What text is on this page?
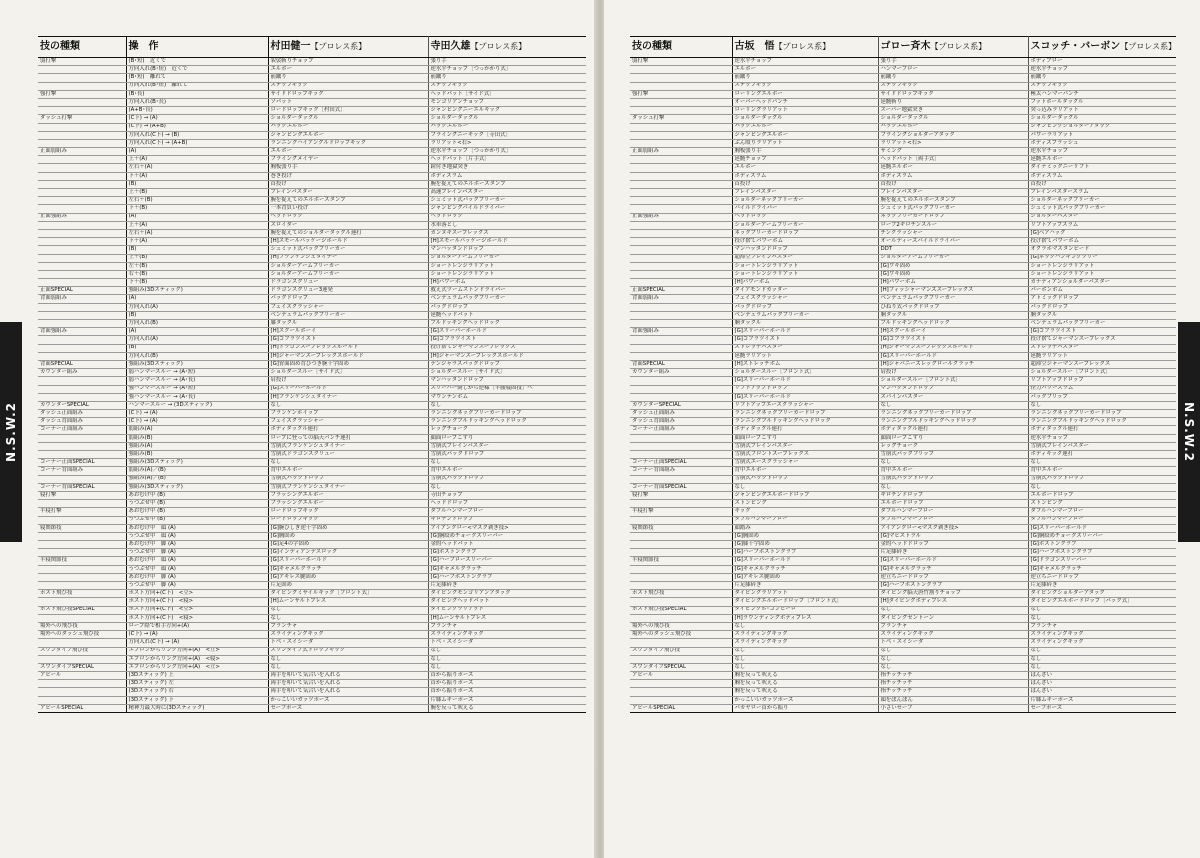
N.S.W.2
技の種類	操　作	村田健一【プロレス系】	寺田久雄【プロレス系】
弱打撃	(B･短)　近くで	袈裟斬りチョップ	張り手
	方向入れ(B･短)　近くで	エルボー	逆水平チョップ［つっかかり式］
	(B･短)　離れて	前蹴り	前蹴り
	方向入れ(B･短)　離れて	ステップキック	ステップキック
強打撃	(B･長)	サイドドロップキック	ヘッドバット［サイド式］
	方向入れ(B･長)	ソバット	モンゴリアンチョップ
	(A+B･長)	ロードロップキック［村田式］	ジャンピングニーエルキック
ダッシュ打撃	(C下) → (A)	ショルダータックル	ショルダータックル
	(C下) → (A+B)	バックエルボー	バックエルボー
	方向入れ(C下) → (B)	ジャンピングエルボー	フライングニーキック［寺田式］
	方向入れ(C下) → (A+B)	ランニングハイアングルドロップキック	ラリアット<右>
正面弱組み	(A)	エルボー	逆水平チョップ［つっかかり式］
	上＋(A)	フライングメイヤー	ヘッドバット［片手式］
	左右＋(A)	胸板張り手	鎧付き地獄突き
	下＋(A)	巻き投げ	ボディスラム
	(B)	首投げ	腕を捉えてのエルボースタンプ
	上＋(B)	ブレインバスター	高速ブレインバスター
	左右＋(B)	腕を捉えてのエルボースタンプ	シュミット式バックブリーカー
	下＋(B)	一本背負い投げ	ジャンピングパイルドライバー
正面強組み	(A)	ヘッドロック	ヘッドロック
	上＋(A)	スロイダー	水車落とし
	左右＋(A)	腕を捉えてのショルダータックル連打	カンヌキスープレックス
	下＋(A)	[H]スモールパッケージホールド	[H]スモールパッケージホールド
	(B)	シュミット式バックブリーカー	マンハッタンドロップ
	上＋(B)	[H]フランケンシュタイナー	ショルダーアームブリーカー
	左＋(B)	ショルダーアームブリーカー	ショートレンジラリアット
	右＋(B)	ショルダーアームブリーカー	ショートレンジラリアット
	下＋(B)	ドラゴンスクリュー	[H]パワーボム
正面SPECIAL	強組み(3Dスティック)	ドラゴンスクリュー3連発	救え式ツームストンドライバー
背面弱組み	(A)	バックドロップ	ベンデュラムバックブリーカー
	方向入れ(A)	フェイスクラッシャー	バックドロップ
	(B)	ベンデュラムバックブリーカー	延髄ヘッドバット
	方向入れ(B)	膝タックル	ブルドッキングヘッドロック
背面強組み	(A)	[H]スクールボーイ	[G]スリーパーホールド
	方向入れ(A)	[G]コブラツイスト	[G]コブラツイスト
	(B)	[H]ドラゴンスープレックスホールド	投げ捨てジャーマンスープレックス
	方向入れ(B)	[H]ジャーマンスープレックスホールド	[H]ジャーマンスープレックスホールド
背面SPECIAL	強組み(3Dスティック)	[G]胃面固め背ひつき腕十字固め	デンジャラスバックドロップ
カウンター組み	弱ハンマースルー → (A･短)	ショルダースルー［サイド式］	ショルダースルー［サイド式］
	弱ハンマースルー → (A･長)	肩投げ	マンハッタンドロップ
	強ハンマースルー → (A･短)	[G]スリーパーホールド	スリーパー倒しから逆様［半腰寝固技］へ
	強ハンマースルー → (A･長)	[H]フランケンシュタイナー	マウンテンボム
カウンターSPECIAL	ハンマースルー → (3Dスティック)	なし	なし
ダッシュ正面組み	(C下) → (A)	フランケンホイップ	ランニングネックブリーカードロップ
ダッシュ背面組み	(C下) → (A)	フェイスクラッシャー	ランニングブルドッキングヘッドロック
コーナー正面組み	弱組み(A)	ボディタックル連打	レッグチョーク
	弱組み(B)	ロープに登っての脳天パンチ連打	顔面ロープこすり
	強組み(A)	雪崩式フランケンシュタイナー	雪崩式ブレインバスター
	強組み(B)	雪崩式ドラゴンスクリュー	雪崩式バックドロップ
コーナー正面SPECIAL	強組み(3Dスティック)	なし	なし
コーナー背面組み	弱組み(A)／(B)	背中エルボー	背中エルボー
	強組み(A)／(B)	雪崩式バックドロップ	雪崩式バックドロップ
コーナー背面SPECIAL	強組み(3Dスティック)	雪崩式フランケンシュタイナー	なし
寝打撃	あおむけ中 (B)	フラッシングエルボー	寺田チョップ
	うつぶせ中 (B)	フラッシングエルボー	ヘッドドロップ
半寝打撃	あおむけ中 (B)	ロードロップキック	ダブルハンマーブロー
	うつぶせ中 (B)	ロードロップキック	ギロチンドロップ
寝関節技	あおむけ中　頭 (A)	[G]腕ひしぎ逆十字固め	アイアンクロー<マスク剥ぎ技>
	うつぶせ中　頭 (A)	[G]胸固め	[G]胴絞めチョークスリーパー
	あおむけ中　脚 (A)	[G]足4の字固め	金的ヘッドバット
	うつぶせ中　脚 (A)	[G]インディアンデスロック	[G]ボストンクラブ
半寝関節技	あおむけ中　頭 (A)	[G]スリーパーホールド	[G]ハーフロースリーパー
	うつぶせ中　頭 (A)	[G]キャメルクラッチ	[G]キャメルクラッチ
	あおむけ中　脚 (A)	[G]アキレス腱固め	[G]ハーフボストンクラブ
	うつぶせ中　脚 (A)	片足固め	片足膝砕き
ポスト飛び技	ポスト方向+(C下)　<立>	ダイビングミサイルキック［フロント式］	ダイビングモンゴリアンアタック
	ポスト方向+(C下)　<寝>	[H]ムーンサルトプレス	ダイビングヘッドバット
ポスト飛び技SPECIAL	ポスト方向+(C下)　<立>	なし	ダイビングラリアット
	ポスト方向+(C下)　<寝>	なし	[H]ムーンサルトプレス
場外への飛び技	ロープ際で相手方向+(A)	プランチャ	プランチャ
場外へのダッシュ飛び技	(C下) → (A)	スライディングキック	スライディングキック
	方向入れ(C下) → (A)	トペ・スイシーダ	トペ・スイシーダ
スワンダイブ飛び技	エプロンからリング方向+(A)　<立>	スワンダイブ式ドロップキック	なし
	エプロンからリング方向+(A)　<寝>	なし	なし
スワンダイブSPECIAL	エプロンからリング方向+(A)　<立>	なし	なし
アピール	(3Dスティック) 上	両手を叩いて気合いを入れる	首から振りポーズ
	(3Dスティック) 左	両手を叩いて気合いを入れる	首から振りポーズ
	(3Dスティック) 右	両手を叩いて気合いを入れる	首から振りポーズ
	(3Dスティック) 下	かっこいいガッツポーズ	片膝ムキーポーズ
アピールSPECIAL	精神力最大時に(3Dスティック)	セーフポーズ	腕を反って吠える
N.S.W.2
技の種類	古坂　悟【プロレス系】	ゴロー斉木【プロレス系】	スコッチ・バーボン【プロレス系】
弱打撃	逆水平チョップ	張り手	ボディブロー
	エルボー	ハンマーブロー	逆水平チョップ
	前蹴り	前蹴り	前蹴り
	ステップキック	ステップキック	ステップキック
強打撃	ローリングエルボー	サイドドロップキック	極太ハンマーパンチ
	オーバーヘッドパンチ	延髄斬り	フットボールタックル
	ローリングラリアット	スーパー地獄突き	突っ込みラリアット
ダッシュ打撃	ショルダータックル	ショルダータックル	ショルダータックル
	バックエルボー	バックエルボー	ジャンピングショルダーアタック
	ジャンピングエルボー	フライングショルダーアタック	パワーラリアット
	ぶん殴りラリアット	ラリアット<右>	ボディスプラッシュ
正面弱組み	胸板張り手	サミング	逆水平チョップ
	延髄チョップ	ヘッドバット［両手式］	延髄エルボー
	エルボー	延髄エルボー	ダイナミックニーリフト
	ボディスラム	ボディスラム	ボディスラム
	首投げ	首投げ	首投げ
	ブレインバスター	ブレインバスター	ブレインバスタースラム
	ショルダーネックブリーカー	腕を捉えてのエルボースタンプ	ショルダーネックブリーカー
	パイルドライバー	シュミット式バックブリーカー	シュミット式バックブリーカー
正面強組み	ヘッドロック	ネックブリーカードロップ	ショルダーバスター
	ショルダーアームブリーカー	ローブ2ギロチンスルー	リフトアップスラム
	ネックブリーカードロップ	チンクラッシャー	[G]ベアハッグ
	投げ捨てパワーボム	オールディーズパイルドライバー	投げ捨てパワーボム
	マンハッタンドロップ	DDT	オクラホマスタンピード
	超滞空ブレインバスター	ショルダーアームブリーカー	[G]ネックハンギングツリー
	ショートレンジラリアット	[G]ワキ固め	ショートレンジラリアット
	ショートレンジラリアット	[G]ワキ固め	ショートレンジラリアット
	[H]パワーボム	[H]パワーボム	カナディアンショルダーバスター
正面SPECIAL	ダイアモンドカッター	[H]フィッシャーマンズスープレックス	バーボンボム
背面弱組み	フェイスクラッシャー	ベンデュラムバックブリーカー	アトミックドロップ
	バックドロップ	ひねり式バックドロップ	バックドロップ
	ベンデュラムバックブリーカー	胴タックル	胴タックル
	胴タックル	ブルドッキングヘッドロック	ベンデュラムバックブリーカー
背面強組み	[G]スリーパーホールド	[H]スクールボーイ	[G]コブラツイスト
	[G]コブラツイスト	[G]コブラツイスト	投げ捨てジャーマンスープレックス
	ストレッチバスター	[H]ジャーマンスープレックスホールド	ストレッチバスター
	延髄ラリアット	[G]スリーパーホールド	延髄ラリアット
背面SPECIAL	[H]ストレッチボム	[H]ジャパニーズレッグロールクラッチ	超滞空ジャーマンスープレックス
カウンター組み	ショルダースルー［フロント式］	肩投げ	ショルダースルー［フロント式］
	[G]スリーパーホールド	ショルダースルー［フロント式］	リフトアップドロップ
	リフトアップドロップ	マンハッタンドロップ	怪力パワースラム
	[G]スリーパーホールド	スパインバスター	バックフリップ
カウンターSPECIAL	リフトアップエースクラッシャー	なし	なし
ダッシュ正面組み	ランニングネックブリーカードロップ	ランニングネックブリーカードロップ	ランニングネックブリーカードロップ
ダッシュ背面組み	ランニングブルドッキングヘッドロック	ランニングブルドッキングヘッドロック	ランニングブルドッキングヘッドロック
コーナー正面組み	ボディタックル連打	ボディタックル連打	ボディタックル連打
	顔面ロープこすり	顔面ロープこすり	逆水平チョップ
	雪崩式ブレインバスター	レッグチョーク	雪崩式ブレインバスター
	雪崩式フロントスープレックス	雪崩式バックフリップ	ボディキック連打
コーナー正面SPECIAL	雪崩式エースクラッシャー	なし	なし
コーナー背面組み	背中エルボー	背中エルボー	背中エルボー
	雪崩式バックドロップ	雪崩式バックドロップ	雪崩式バックドロップ
コーナー背面SPECIAL	なし	なし	なし
寝打撃	ジャンピングエルボードロップ	ギロチンドロップ	エルボードロップ
	ストンピング	エルボードロップ	ストンピング
半寝打撃	キック	ダブルハンマーブロー	ダブルハンマーブロー
	ダブルハンマーブロー	ダブルハンマーブロー	ダブルハンマーブロー
寝関節技	顔踏み	アイアンクロー<マスク剥ぎ技>	[G]スリーパーホールド
	[G]胸固め	[G]マヒストラル	[G]胴絞めチョークスリーパー
	[G]膝十字固め	金的ヘッドドロップ	[G]ボストンクラブ
	[G]ハーフボストンクラブ	片足膝砕き	[G]ハーフボストンクラブ
半寝関節技	[G]スリーパーホールド	[G]スリーパーホールド	[G]ドラゴンスリーパー
	[G]キャメルクラッチ	[G]キャメルクラッチ	[G]キャメルクラッチ
	[G]アキレス腱固め	逆立ちニードロップ	逆立ちニードロップ
	片足膝砕き	[G]ハーフボストンクラブ	片足膝砕き
ポスト飛び技	ダイビングラリアット	ダイビング脳天唐竹割りチョップ	ダイビングショルダーアタック
	ダイビングエルボードロップ［フロント式］	[H]ダイビングボディプレス	ダイビングエルボードロップ［バック式］
ポスト飛び技SPECIAL	ダイビングボ･コンヒーロ	なし	なし
	[H]ラウンディングボディプレス	ダイビングセントーン	なし
場外への飛び技	なし	プランチャ	プランチャ
場外へのダッシュ飛び技	スライディングキック	スライディングキック	スライディングキック
	スライディングキック	トペ・スイシーダ	スライディングキック
スワンダイブ飛び技	なし	なし	なし
	なし	なし	なし
スワンダイブSPECIAL	なし	なし	なし
アピール	胸を反って吠える	指チッチッチ	ばんざい
	胸を反って吠える	指チッチッチ	ばんざい
	胸を反って吠える	指チッチッチ	ばんざい
	かっこいいガッツポーズ	頭をぽんぽん	片膝ムキーポーズ
アピールSPECIAL	バカヤロー首から振り	小さいセーフ	セーフポーズ
